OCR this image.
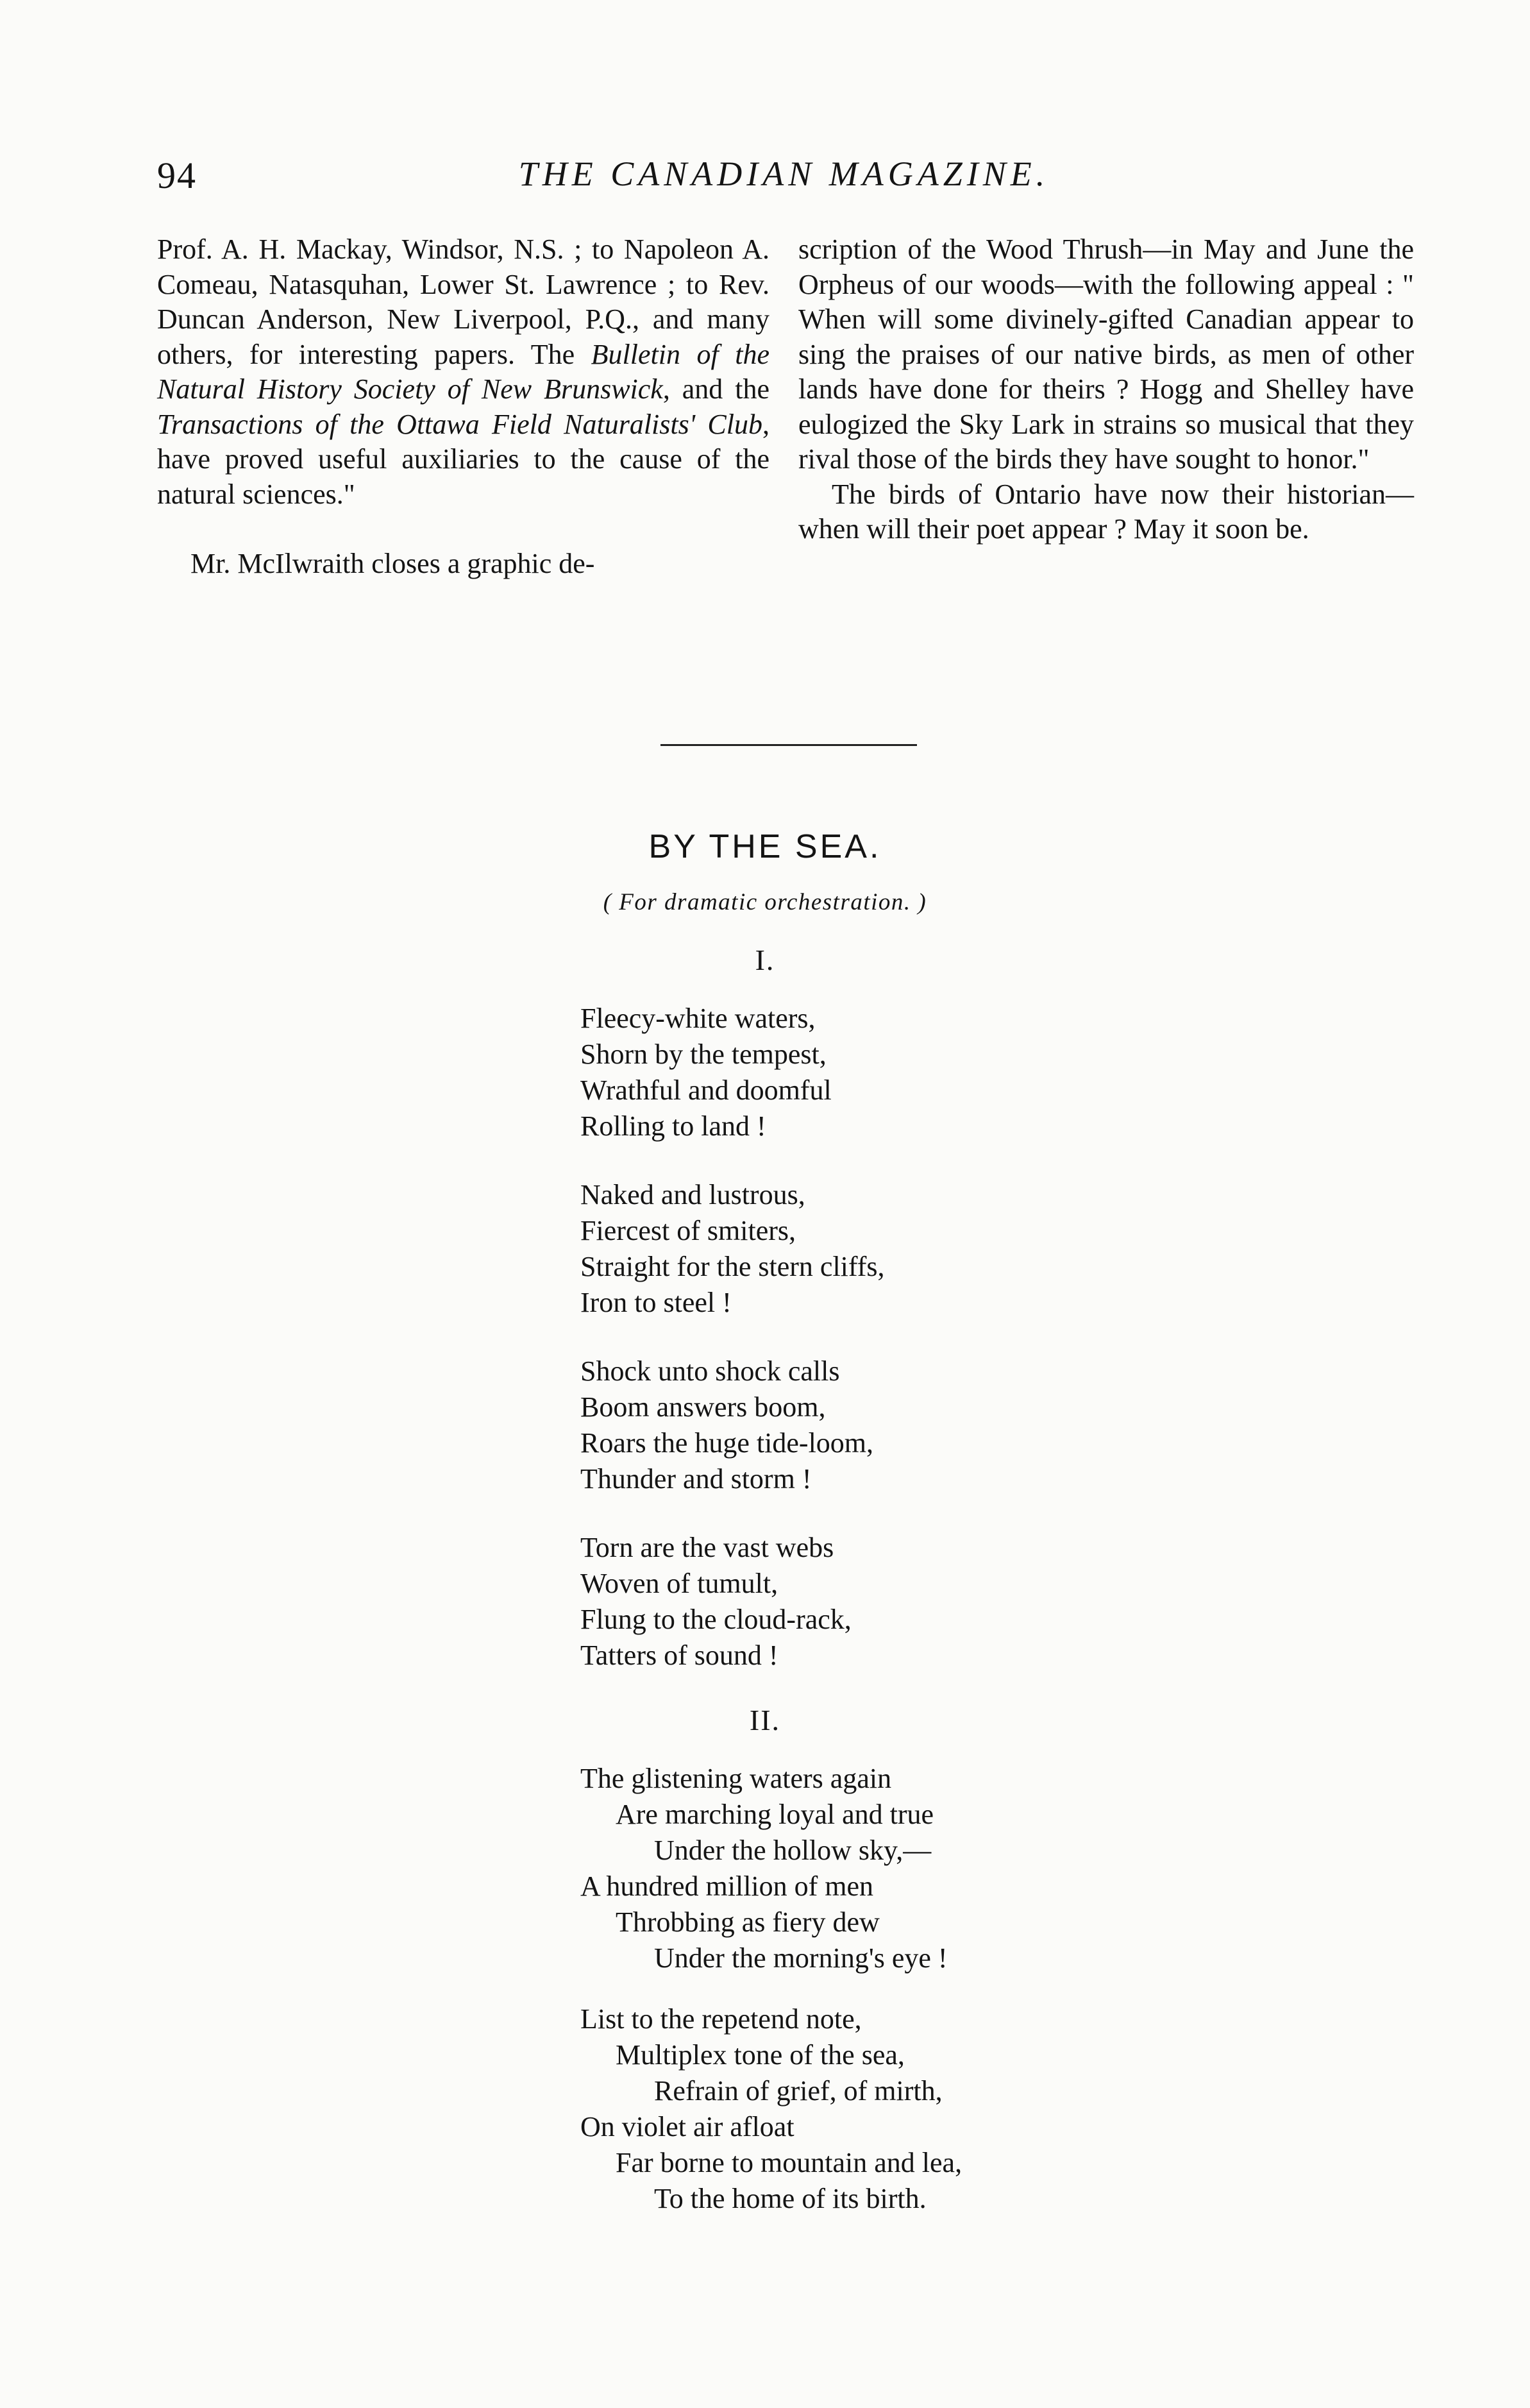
94	THE CANADIAN MAGAZINE.

Prof. A. H. Mackay, Windsor, N.S. ; to Napoleon A. Comeau, Natasquhan, Lower St. Lawrence ; to Rev. Duncan Anderson, New Liverpool, P.Q., and many others, for interesting papers. The Bulletin of the Natural History Society of New Brunswick, and the Transactions of the Ottawa Field Naturalists' Club, have proved useful auxiliaries to the cause of the natural sciences."

Mr. McIlwraith closes a graphic de-

scription of the Wood Thrush—in May and June the Orpheus of our woods—with the following appeal : " When will some divinely-gifted Canadian appear to sing the praises of our native birds, as men of other lands have done for theirs ? Hogg and Shelley have eulogized the Sky Lark in strains so musical that they rival those of the birds they have sought to honor."

The birds of Ontario have now their historian—when will their poet appear ? May it soon be.

BY THE SEA.
( For dramatic orchestration. )
I.
Fleecy-white waters,
Shorn by the tempest,
Wrathful and doomful
Rolling to land !
Naked and lustrous,
Fiercest of smiters,
Straight for the stern cliffs,
Iron to steel !
Shock unto shock calls
Boom answers boom,
Roars the huge tide-loom,
Thunder and storm !
Torn are the vast webs
Woven of tumult,
Flung to the cloud-rack,
Tatters of sound !
II.
The glistening waters again
Are marching loyal and true
Under the hollow sky,—
A hundred million of men
Throbbing as fiery dew
Under the morning's eye !
List to the repetend note,
Multiplex tone of the sea,
Refrain of grief, of mirth,
On violet air afloat
Far borne to mountain and lea,
To the home of its birth.
